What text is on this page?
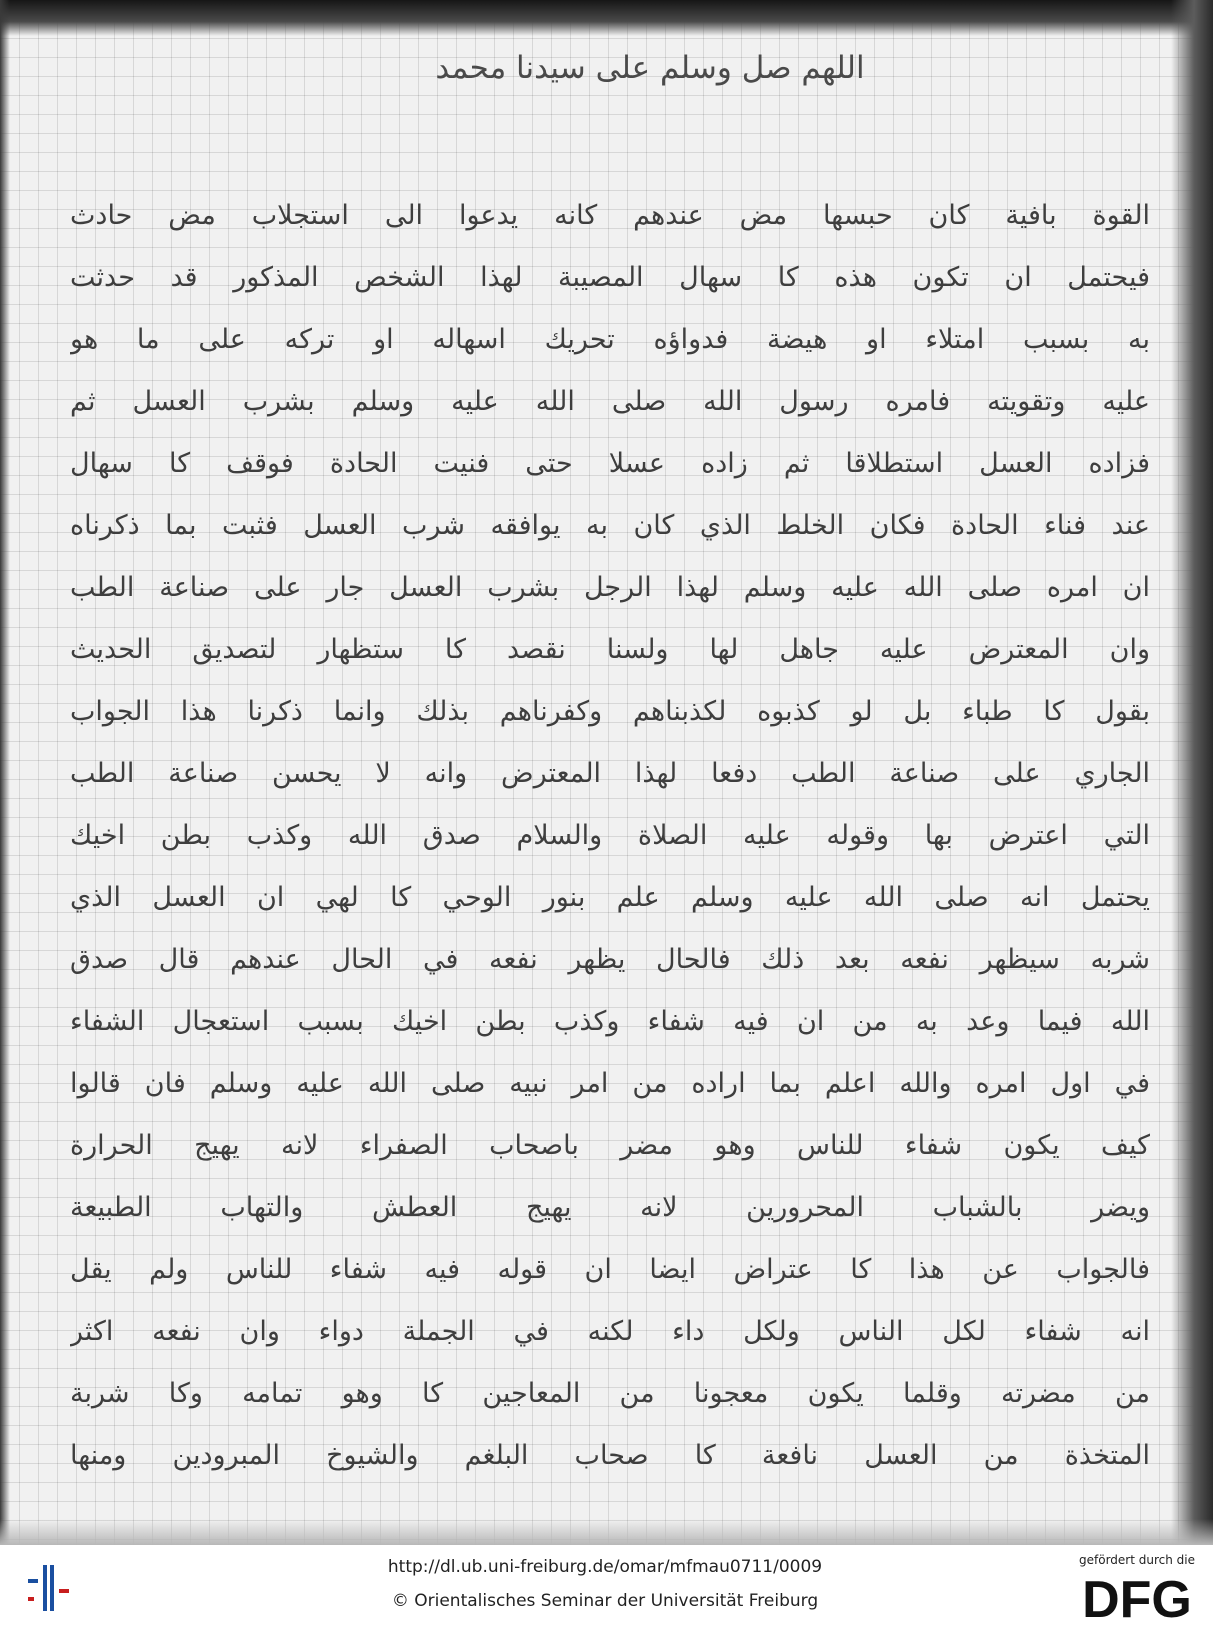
اللهم صل وسلم على سيدنا محمد
القوة بافية كان حبسها مض عندهم كانه يدعوا الى استجلاب مض حادث
فيحتمل ان تكون هذه كا سهال المصيبة لهذا الشخص المذكور قد حدثت
به بسبب امتلاء او هيضة فدواؤه تحريك اسهاله او تركه على ما هو
عليه وتقويته فامره رسول الله صلى الله عليه وسلم بشرب العسل ثم
فزاده العسل استطلاقا ثم زاده عسلا حتى فنيت الحادة فوقف كا سهال
عند فناء الحادة فكان الخلط الذي كان به يوافقه شرب العسل فثبت بما ذكرناه
ان امره صلى الله عليه وسلم لهذا الرجل بشرب العسل جار على صناعة الطب
وان المعترض عليه جاهل لها ولسنا نقصد كا ستظهار لتصديق الحديث
بقول كا طباء بل لو كذبوه لكذبناهم وكفرناهم بذلك وانما ذكرنا هذا الجواب
الجاري على صناعة الطب دفعا لهذا المعترض وانه لا يحسن صناعة الطب
التي اعترض بها وقوله عليه الصلاة والسلام صدق الله وكذب بطن اخيك
يحتمل انه صلى الله عليه وسلم علم بنور الوحي كا لهي ان العسل الذي
شربه سيظهر نفعه بعد ذلك فالحال يظهر نفعه في الحال عندهم قال صدق
الله فيما وعد به من ان فيه شفاء وكذب بطن اخيك بسبب استعجال الشفاء
في اول امره والله اعلم بما اراده من امر نبيه صلى الله عليه وسلم فان قالوا
كيف يكون شفاء للناس وهو مضر باصحاب الصفراء لانه يهيج الحرارة
ويضر بالشباب المحرورين لانه يهيج العطش والتهاب الطبيعة
فالجواب عن هذا كا عتراض ايضا ان قوله فيه شفاء للناس ولم يقل
انه شفاء لكل الناس ولكل داء لكنه في الجملة دواء وان نفعه اكثر
من مضرته وقلما يكون معجونا من المعاجين كا وهو تمامه وكا شربة
المتخذة من العسل نافعة كا صحاب البلغم والشيوخ المبرودين ومنها
http://dl.ub.uni-freiburg.de/omar/mfmau0711/0009
© Orientalisches Seminar der Universität Freiburg
gefördert durch die
DFG
